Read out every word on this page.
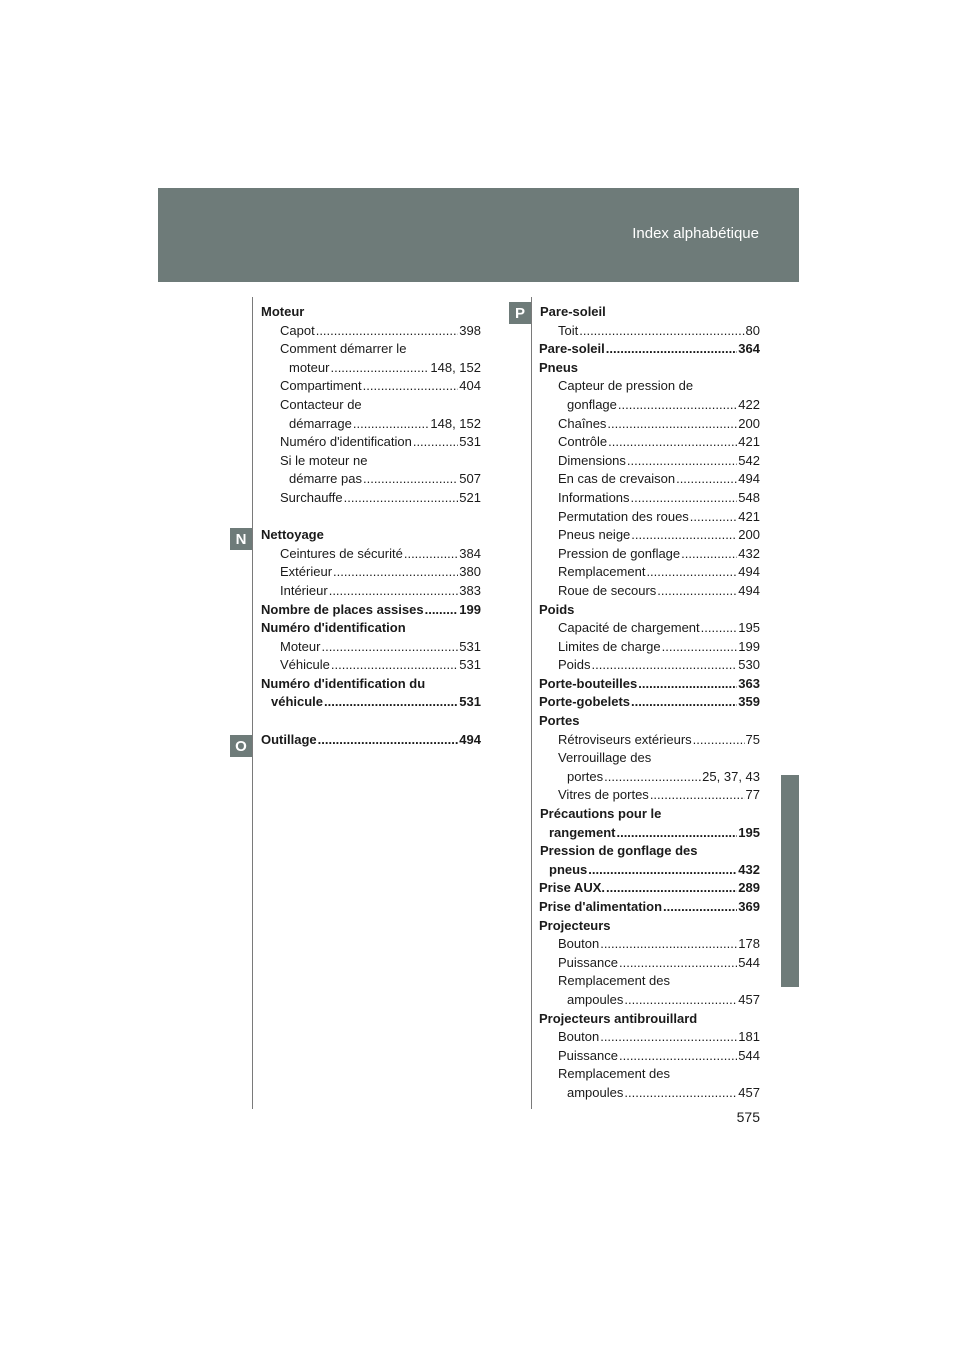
Index alphabétique
N
O
P
Moteur
Capot .....	398
Comment démarrer le
moteur .....	148, 152
Compartiment .....	404
Contacteur de
démarrage .....	148, 152
Numéro d'identification .....	531
Si le moteur ne
démarre pas .....	507
Surchauffe .....	521
Nettoyage
Ceintures de sécurité .....	384
Extérieur .....	380
Intérieur .....	383
Nombre de places assises .....	199
Numéro d'identification
Moteur .....	531
Véhicule .....	531
Numéro d'identification du
véhicule .....	531
Outillage .....	494
Pare-soleil
Toit .....	80
Pare-soleil .....	364
Pneus
Capteur de pression de
gonflage .....	422
Chaînes .....	200
Contrôle .....	421
Dimensions .....	542
En cas de crevaison .....	494
Informations .....	548
Permutation des roues .....	421
Pneus neige .....	200
Pression de gonflage .....	432
Remplacement .....	494
Roue de secours .....	494
Poids
Capacité de chargement .....	195
Limites de charge .....	199
Poids .....	530
Porte-bouteilles .....	363
Porte-gobelets .....	359
Portes
Rétroviseurs extérieurs .....	75
Verrouillage des
portes .....	25, 37, 43
Vitres de portes .....	77
Précautions pour le
rangement .....	195
Pression de gonflage des
pneus .....	432
Prise AUX. .....	289
Prise d'alimentation .....	369
Projecteurs
Bouton .....	178
Puissance .....	544
Remplacement des
ampoules .....	457
Projecteurs antibrouillard
Bouton .....	181
Puissance .....	544
Remplacement des
ampoules .....	457
575
